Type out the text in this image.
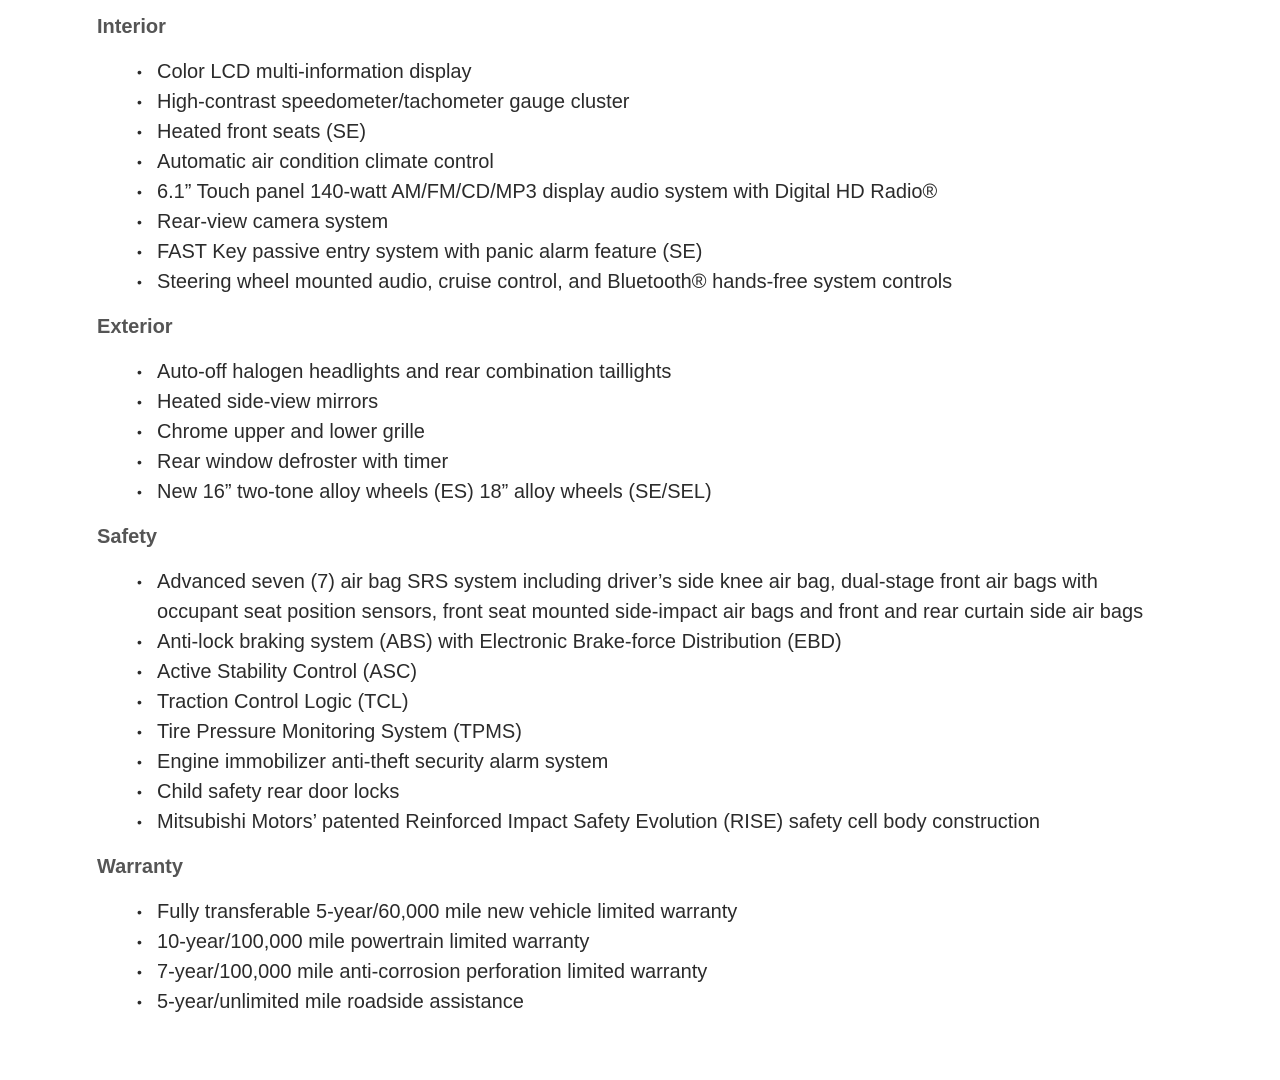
Interior
• Color LCD multi-information display
• High-contrast speedometer/tachometer gauge cluster
• Heated front seats (SE)
• Automatic air condition climate control
• 6.1” Touch panel 140-watt AM/FM/CD/MP3 display audio system with Digital HD Radio®
• Rear-view camera system
• FAST Key passive entry system with panic alarm feature (SE)
• Steering wheel mounted audio, cruise control, and Bluetooth® hands-free system controls
Exterior
• Auto-off halogen headlights and rear combination taillights
• Heated side-view mirrors
• Chrome upper and lower grille
• Rear window defroster with timer
• New 16” two-tone alloy wheels (ES) 18” alloy wheels (SE/SEL)
Safety
• Advanced seven (7) air bag SRS system including driver’s side knee air bag, dual-stage front air bags with occupant seat position sensors, front seat mounted side-impact air bags and front and rear curtain side air bags
• Anti-lock braking system (ABS) with Electronic Brake-force Distribution (EBD)
• Active Stability Control (ASC)
• Traction Control Logic (TCL)
• Tire Pressure Monitoring System (TPMS)
• Engine immobilizer anti-theft security alarm system
• Child safety rear door locks
• Mitsubishi Motors’ patented Reinforced Impact Safety Evolution (RISE) safety cell body construction
Warranty
• Fully transferable 5-year/60,000 mile new vehicle limited warranty
• 10-year/100,000 mile powertrain limited warranty
• 7-year/100,000 mile anti-corrosion perforation limited warranty
• 5-year/unlimited mile roadside assistance
